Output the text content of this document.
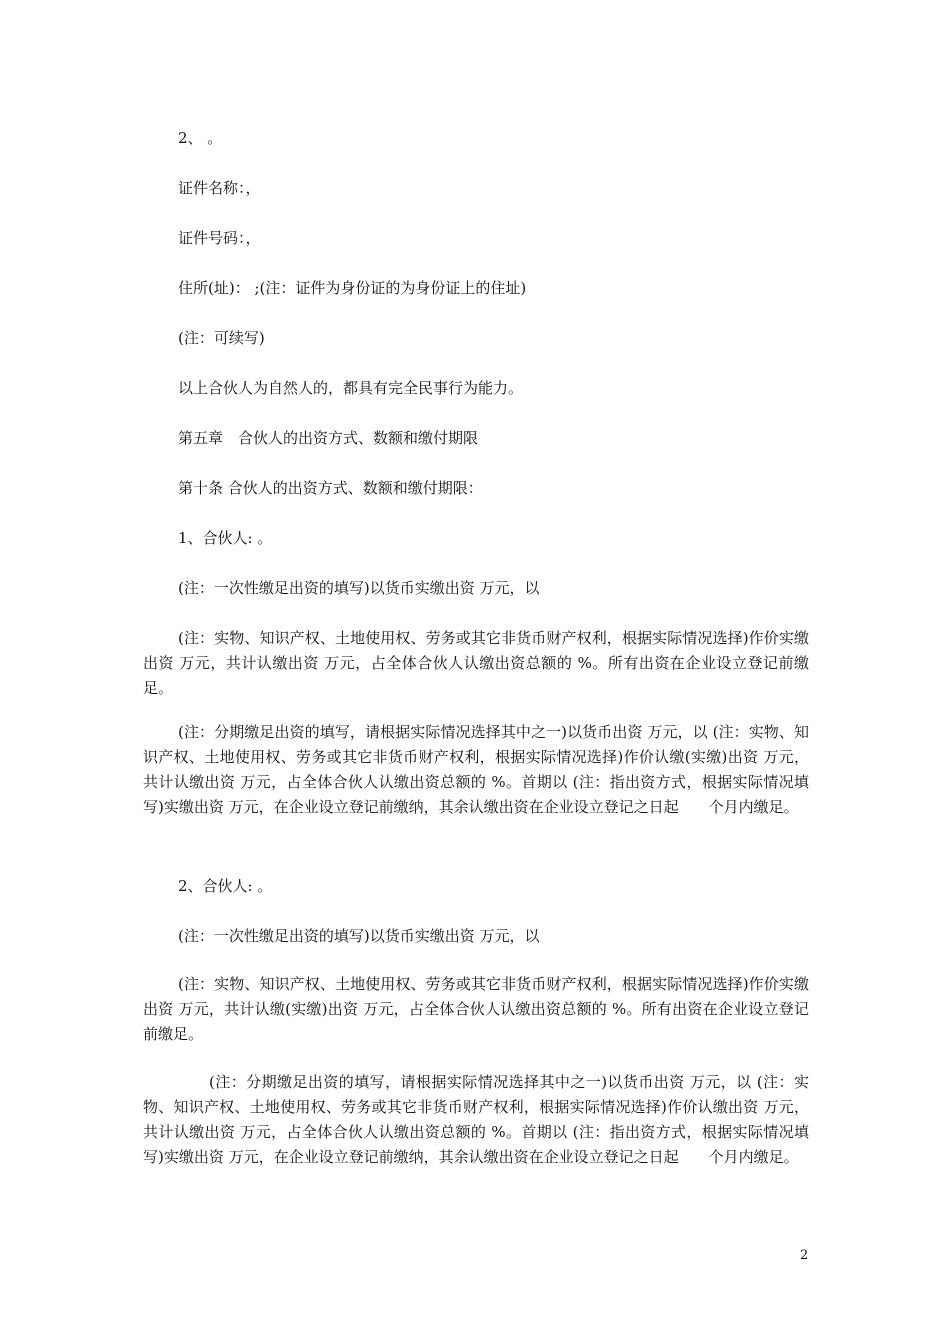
2、 。
证件名称：，
证件号码：，
住所(址)： ;(注：证件为身份证的为身份证上的住址)
(注：可续写)
以上合伙人为自然人的，都具有完全民事行为能力。
第五章　合伙人的出资方式、数额和缴付期限
第十条 合伙人的出资方式、数额和缴付期限：
1、合伙人: 。
(注：一次性缴足出资的填写)以货币实缴出资 万元，以
(注：实物、知识产权、土地使用权、劳务或其它非货币财产权利，根据实际情况选择)作价实缴出资 万元，共计认缴出资 万元，占全体合伙人认缴出资总额的 %。所有出资在企业设立登记前缴足。
(注：分期缴足出资的填写，请根据实际情况选择其中之一)以货币出资 万元，以 (注：实物、知识产权、土地使用权、劳务或其它非货币财产权利，根据实际情况选择)作价认缴(实缴)出资 万元，共计认缴出资 万元，占全体合伙人认缴出资总额的 %。首期以 (注：指出资方式，根据实际情况填写)实缴出资 万元，在企业设立登记前缴纳，其余认缴出资在企业设立登记之日起　　个月内缴足。
2、合伙人: 。
(注：一次性缴足出资的填写)以货币实缴出资 万元，以
(注：实物、知识产权、土地使用权、劳务或其它非货币财产权利，根据实际情况选择)作价实缴出资 万元，共计认缴(实缴)出资 万元，占全体合伙人认缴出资总额的 %。所有出资在企业设立登记前缴足。
(注：分期缴足出资的填写，请根据实际情况选择其中之一)以货币出资 万元，以 (注：实物、知识产权、土地使用权、劳务或其它非货币财产权利，根据实际情况选择)作价认缴出资 万元，共计认缴出资 万元，占全体合伙人认缴出资总额的 %。首期以 (注：指出资方式，根据实际情况填写)实缴出资 万元，在企业设立登记前缴纳，其余认缴出资在企业设立登记之日起　　个月内缴足。
2
